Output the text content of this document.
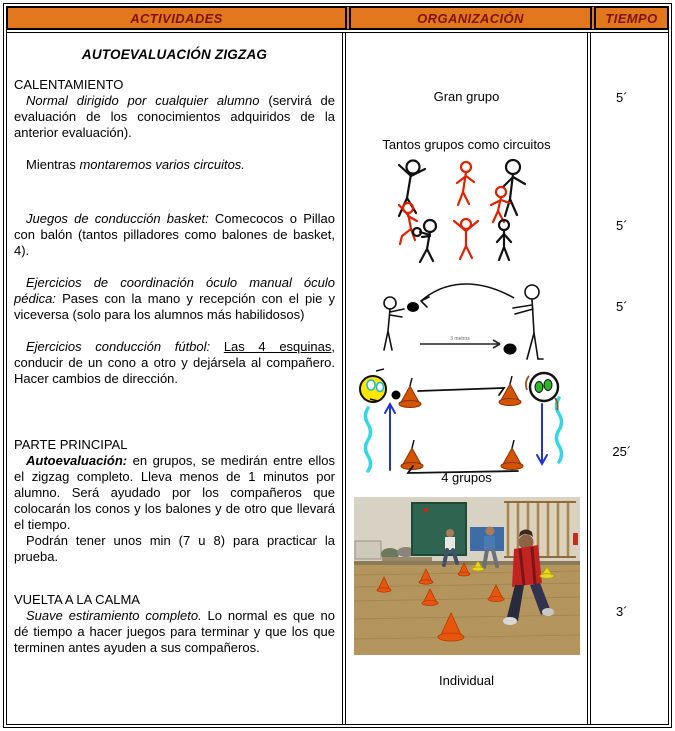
ACTIVIDADES	ORGANIZACIÓN	TIEMPO
AUTOEVALUACIÓN ZIGZAG

CALENTAMIENTO

Normal dirigido por cualquier alumno (servirá de evaluación de los conocimientos adquiridos de la anterior evaluación).

Mientras montaremos varios circuitos.

Juegos de conducción basket: Comecocos o Pillao con balón (tantos pilladores como balones de basket, 4).

Ejercicios de coordinación óculo manual óculo pédica: Pases con la mano y recepción con el pie y viceversa (solo para los alumnos más habilidosos)

Ejercicios conducción fútbol: Las 4 esquinas, conducir de un cono a otro y dejársela al compañero. Hacer cambios de dirección.

PARTE PRINCIPAL

Autoevaluación: en grupos, se medirán entre ellos el zigzag completo. Lleva menos de 1 minutos por alumno. Será ayudado por los compañeros que colocarán los conos y los balones y de otro que llevará el tiempo.

Podrán tener unos min (7 u 8) para practicar la prueba.

VUELTA A LA CALMA

Suave estiramiento completo. Lo normal es que no dé tiempo a hacer juegos para terminar y que los que terminen antes ayuden a sus compañeros.

Gran grupo
Tantos grupos como circuitos
3 metros
4 grupos
Individual
5´
5´
5´
25´
3´
